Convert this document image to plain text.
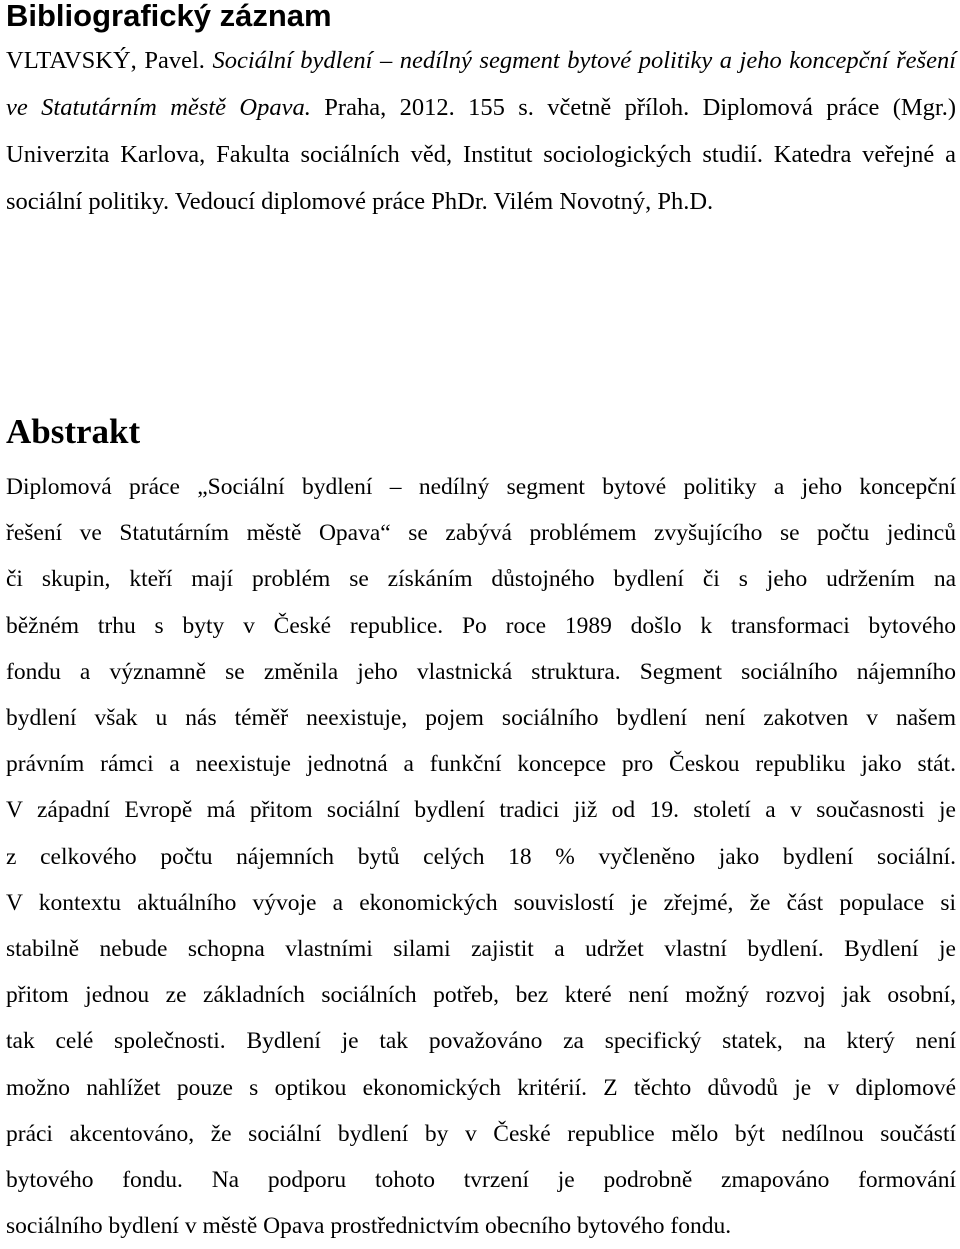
Bibliografický záznam

VLTAVSKÝ, Pavel. Sociální bydlení – nedílný segment bytové politiky a jeho koncepční řešení ve Statutárním městě Opava. Praha, 2012. 155 s. včetně příloh. Diplomová práce (Mgr.) Univerzita Karlova, Fakulta sociálních věd, Institut sociologických studií. Katedra veřejné a sociální politiky. Vedoucí diplomové práce PhDr. Vilém Novotný, Ph.D.

Abstrakt
Diplomová práce „Sociální bydlení – nedílný segment bytové politiky a jeho koncepční
řešení ve Statutárním městě Opava“ se zabývá problémem zvyšujícího se počtu jedinců
či skupin, kteří mají problém se získáním důstojného bydlení či s jeho udržením na
běžném trhu s byty v České republice. Po roce 1989 došlo k transformaci bytového
fondu a významně se změnila jeho vlastnická struktura. Segment sociálního nájemního
bydlení však u nás téměř neexistuje, pojem sociálního bydlení není zakotven v našem
právním rámci a neexistuje jednotná a funkční koncepce pro Českou republiku jako stát.
V západní Evropě má přitom sociální bydlení tradici již od 19. století a v současnosti je
z celkového počtu nájemních bytů celých 18 % vyčleněno jako bydlení sociální.
V kontextu aktuálního vývoje a ekonomických souvislostí je zřejmé, že část populace si
stabilně nebude schopna vlastními silami zajistit a udržet vlastní bydlení. Bydlení je
přitom jednou ze základních sociálních potřeb, bez které není možný rozvoj jak osobní,
tak celé společnosti. Bydlení je tak považováno za specifický statek, na který není
možno nahlížet pouze s optikou ekonomických kritérií. Z těchto důvodů je v diplomové
práci akcentováno, že sociální bydlení by v České republice mělo být nedílnou součástí
bytového fondu. Na podporu tohoto tvrzení je podrobně zmapováno formování
sociálního bydlení v městě Opava prostřednictvím obecního bytového fondu.
